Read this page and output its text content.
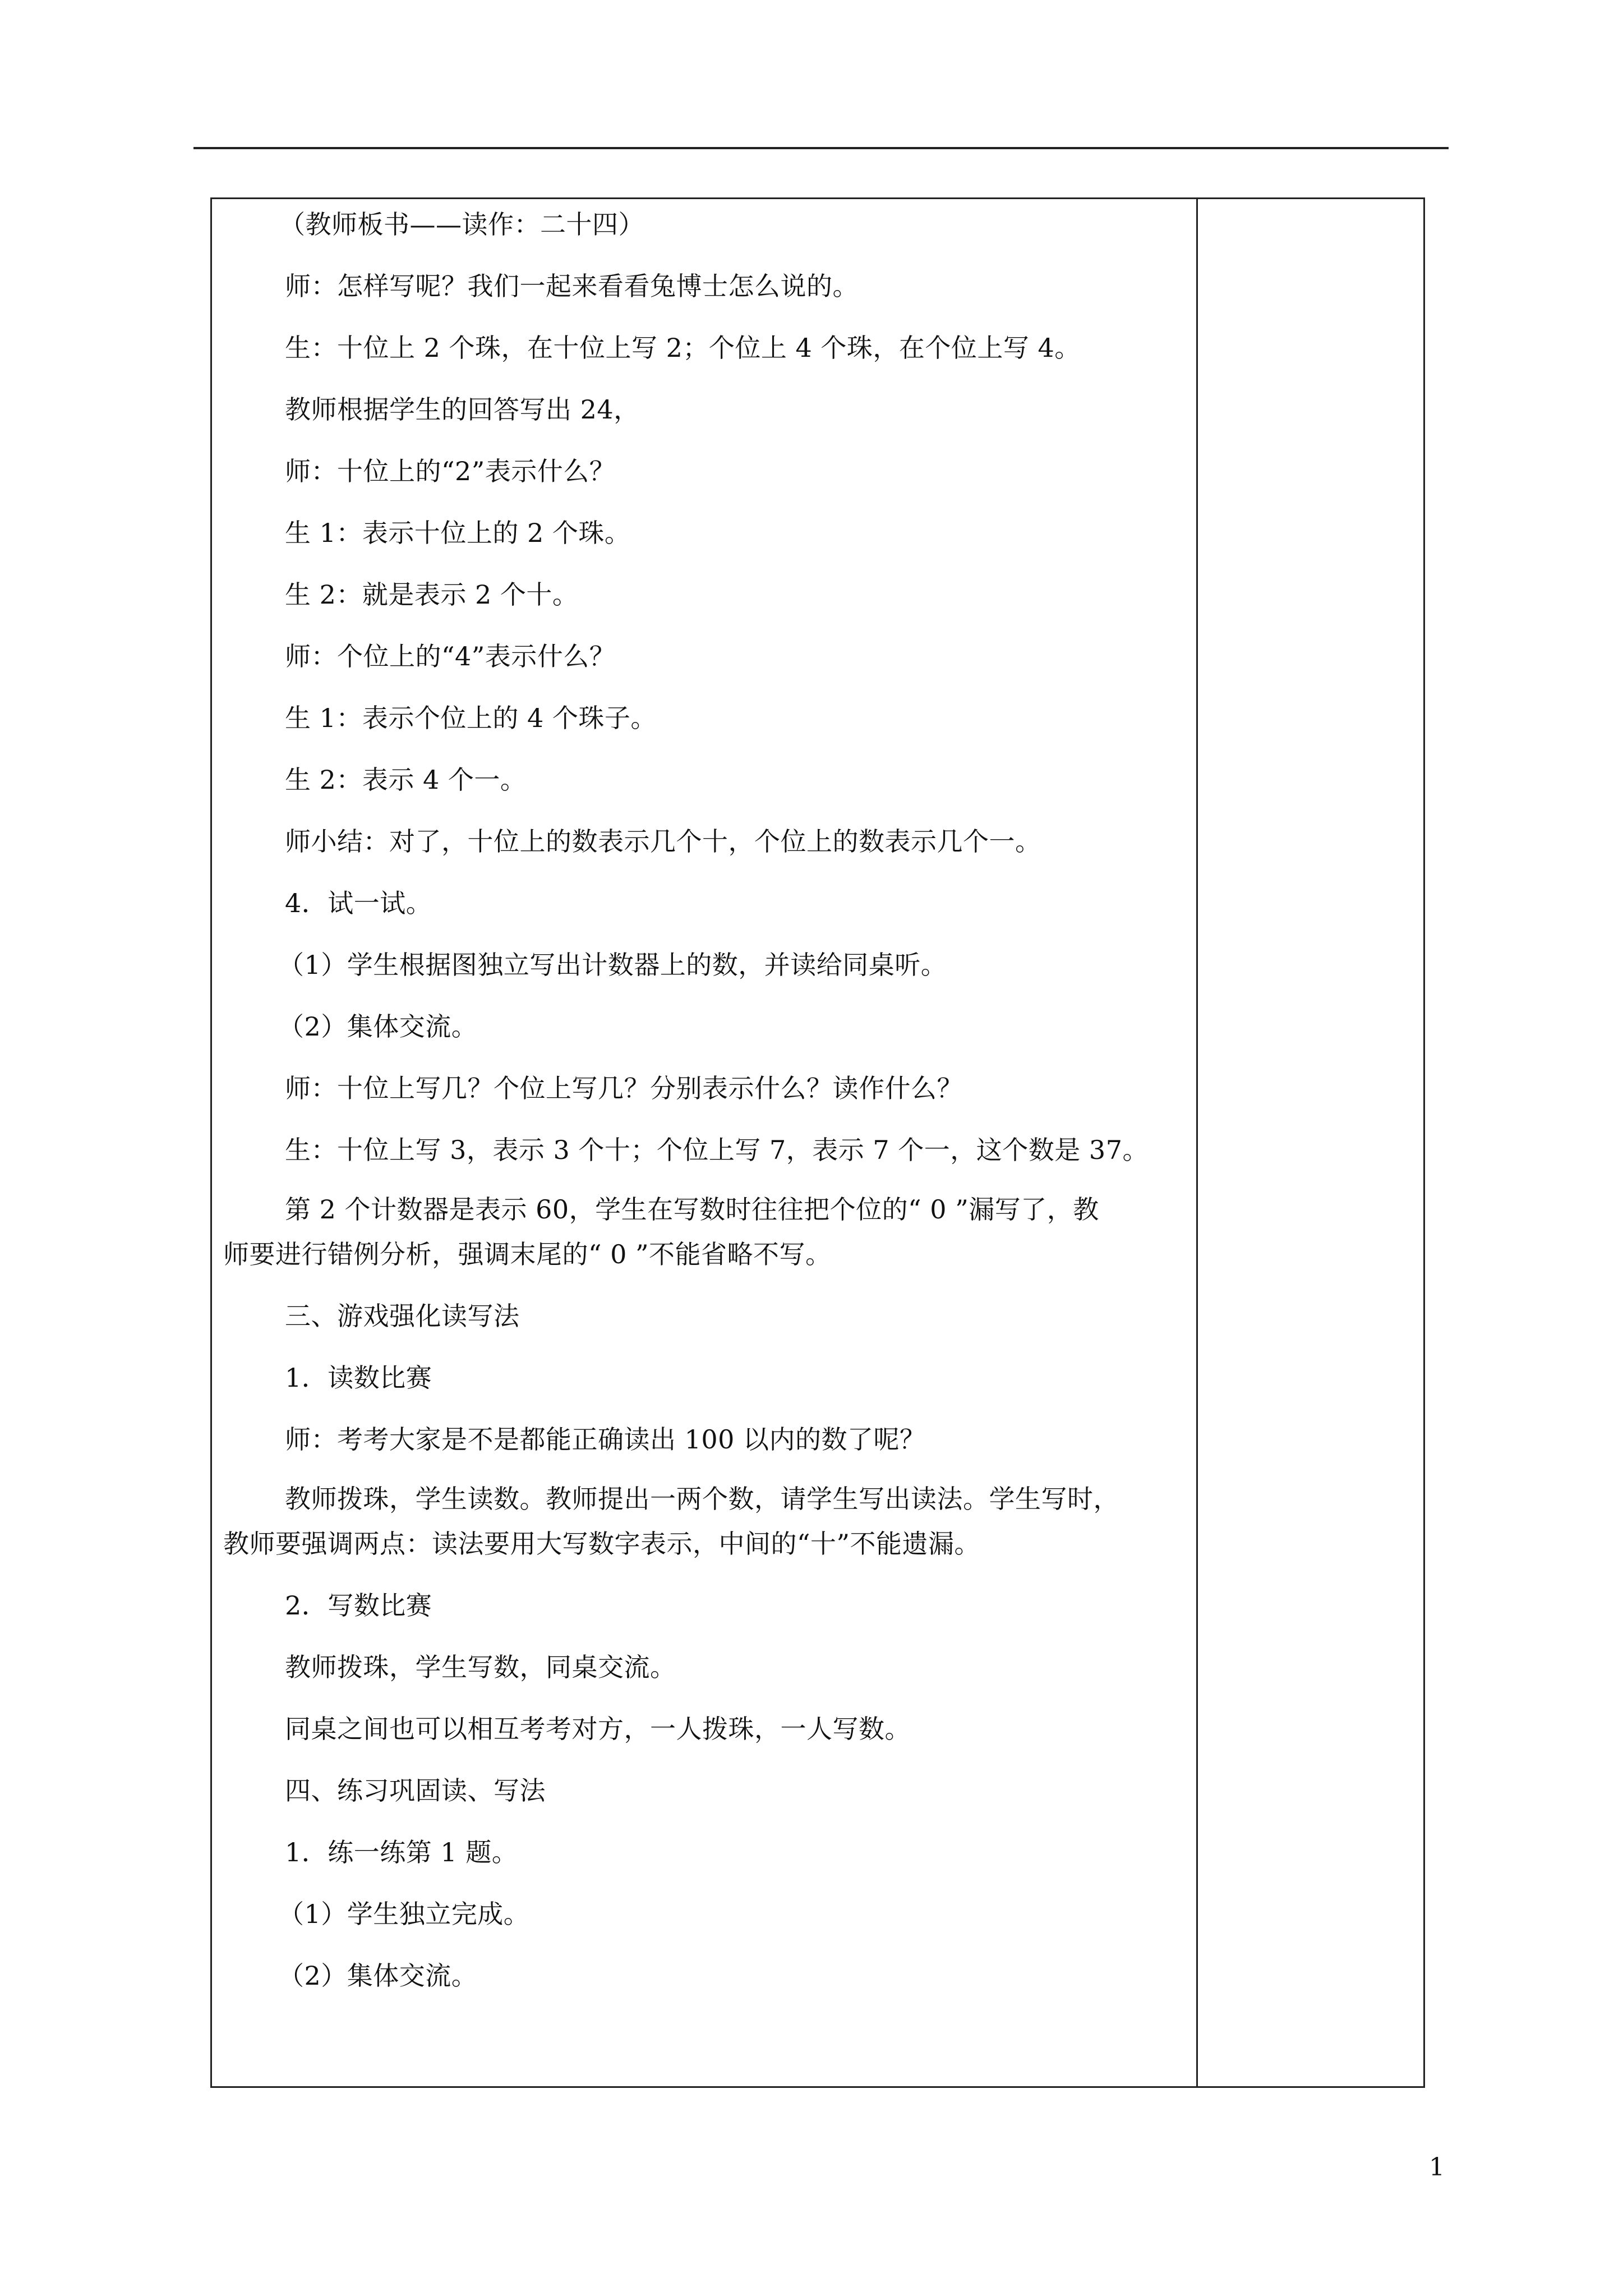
（教师板书——读作：二十四）

师：怎样写呢？我们一起来看看兔博士怎么说的。

生：十位上 2 个珠，在十位上写 2；个位上 4 个珠，在个位上写 4。

教师根据学生的回答写出 24，

师：十位上的“2”表示什么？

生 1：表示十位上的 2 个珠。

生 2：就是表示 2 个十。

师：个位上的“4”表示什么？

生 1：表示个位上的 4 个珠子。

生 2：表示 4 个一。

师小结：对了，十位上的数表示几个十，个位上的数表示几个一。

4．试一试。

（1）学生根据图独立写出计数器上的数，并读给同桌听。

（2）集体交流。

师：十位上写几？个位上写几？分别表示什么？读作什么？

生：十位上写 3，表示 3 个十；个位上写 7，表示 7 个一，这个数是 37。

第 2 个计数器是表示 60，学生在写数时往往把个位的“ 0 ”漏写了，教

师要进行错例分析，强调末尾的“ 0 ”不能省略不写。

三、游戏强化读写法

1．读数比赛

师：考考大家是不是都能正确读出 100 以内的数了呢？

教师拨珠，学生读数。教师提出一两个数，请学生写出读法。学生写时，

教师要强调两点：读法要用大写数字表示，中间的“十”不能遗漏。

2．写数比赛

教师拨珠，学生写数，同桌交流。

同桌之间也可以相互考考对方，一人拨珠，一人写数。

四、练习巩固读、写法

1．练一练第 1 题。

（1）学生独立完成。

（2）集体交流。

1
